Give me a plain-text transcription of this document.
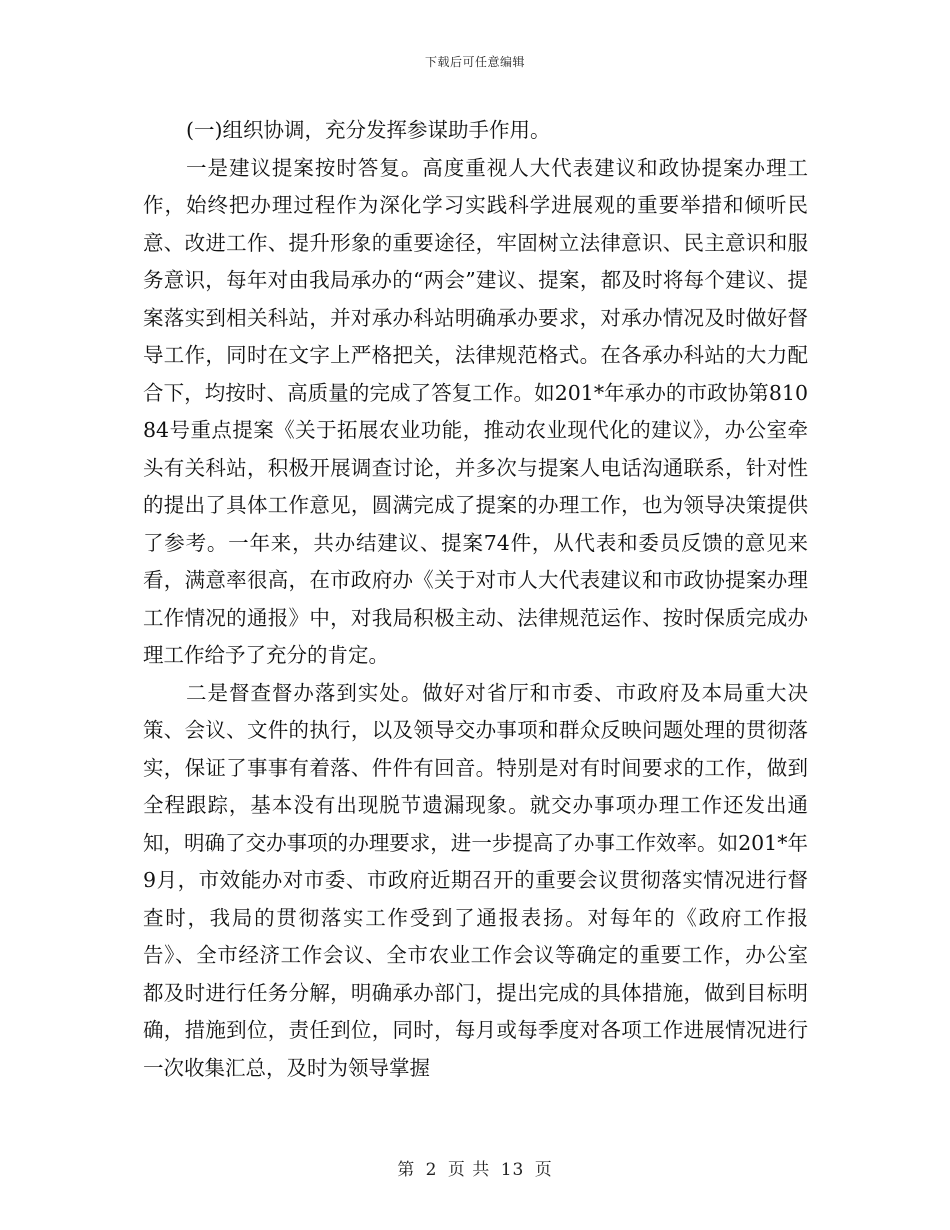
下载后可任意编辑

(一)组织协调，充分发挥参谋助手作用。

一是建议提案按时答复。高度重视人大代表建议和政协提案办理工作，始终把办理过程作为深化学习实践科学进展观的重要举措和倾听民意、改进工作、提升形象的重要途径，牢固树立法律意识、民主意识和服务意识，每年对由我局承办的“两会”建议、提案，都及时将每个建议、提案落实到相关科站，并对承办科站明确承办要求，对承办情况及时做好督导工作，同时在文字上严格把关，法律规范格式。在各承办科站的大力配合下，均按时、高质量的完成了答复工作。如201*年承办的市政协第81084号重点提案《关于拓展农业功能，推动农业现代化的建议》，办公室牵头有关科站，积极开展调查讨论，并多次与提案人电话沟通联系，针对性的提出了具体工作意见，圆满完成了提案的办理工作，也为领导决策提供了参考。一年来，共办结建议、提案74件，从代表和委员反馈的意见来看，满意率很高，在市政府办《关于对市人大代表建议和市政协提案办理工作情况的通报》中，对我局积极主动、法律规范运作、按时保质完成办理工作给予了充分的肯定。

二是督查督办落到实处。做好对省厅和市委、市政府及本局重大决策、会议、文件的执行，以及领导交办事项和群众反映问题处理的贯彻落实，保证了事事有着落、件件有回音。特别是对有时间要求的工作，做到全程跟踪，基本没有出现脱节遗漏现象。就交办事项办理工作还发出通知，明确了交办事项的办理要求，进一步提高了办事工作效率。如201*年9月，市效能办对市委、市政府近期召开的重要会议贯彻落实情况进行督查时，我局的贯彻落实工作受到了通报表扬。对每年的《政府工作报告》、全市经济工作会议、全市农业工作会议等确定的重要工作，办公室都及时进行任务分解，明确承办部门，提出完成的具体措施，做到目标明确，措施到位，责任到位，同时，每月或每季度对各项工作进展情况进行一次收集汇总，及时为领导掌握

第 2 页 共 13 页
